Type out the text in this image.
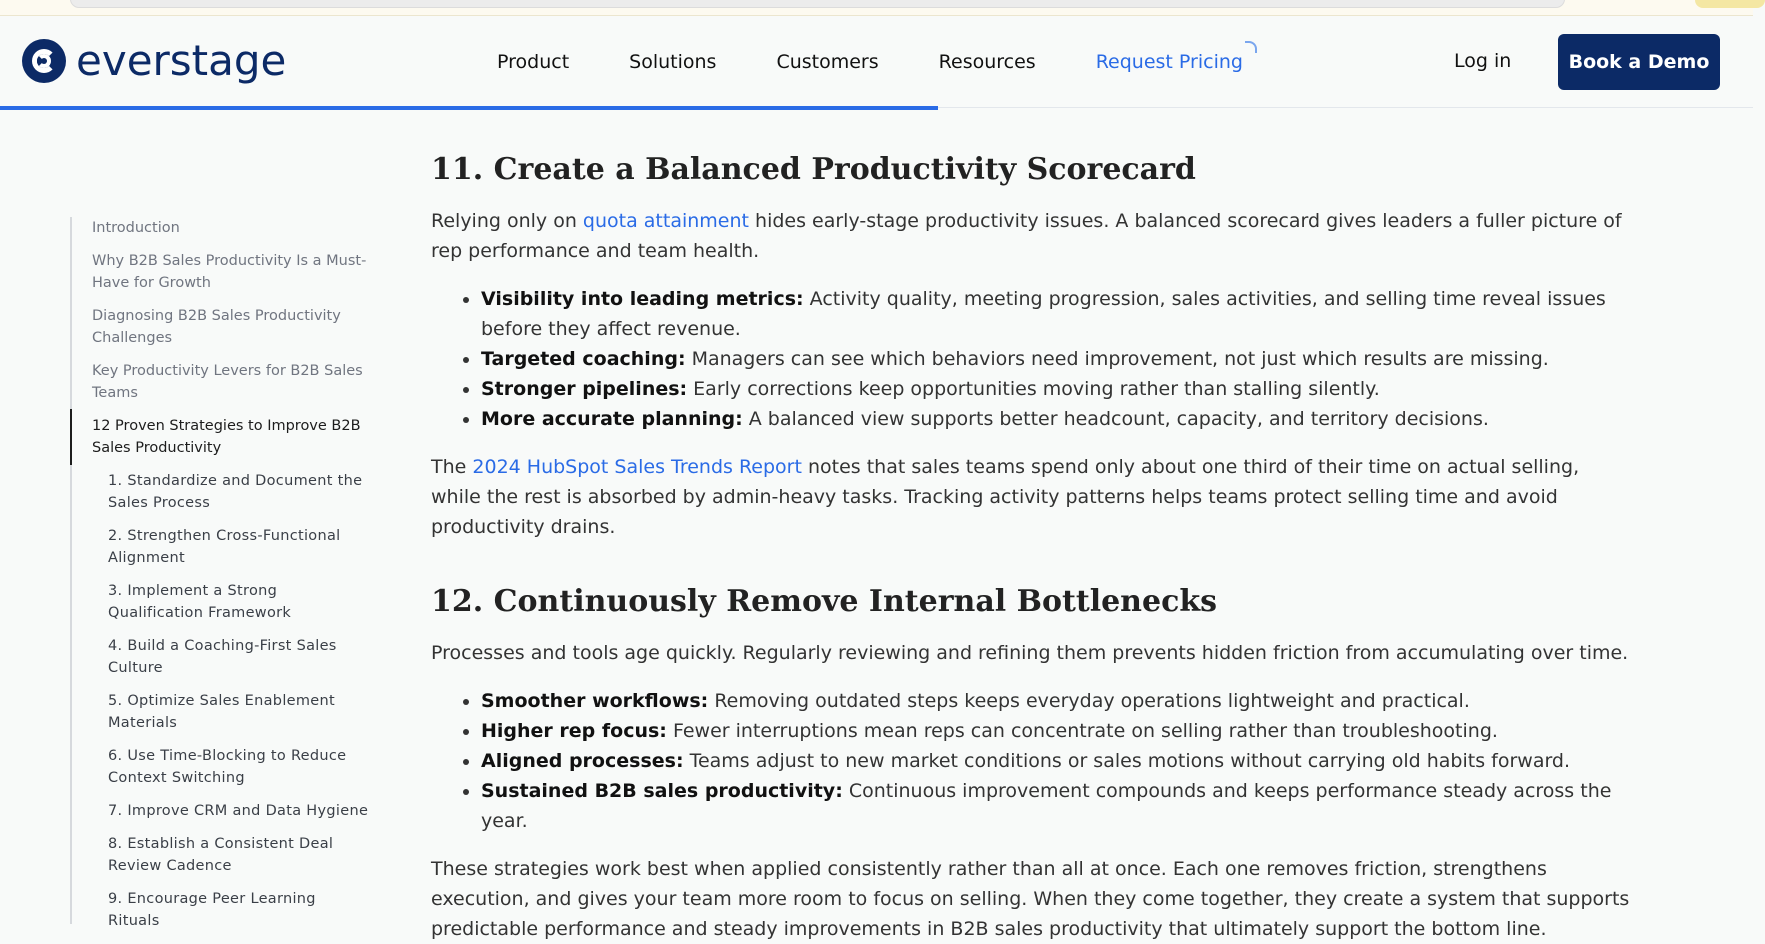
everstage	Product	Solutions	Customers	Resources	Request Pricing	Log in	Book a Demo
Introduction
Why B2B Sales Productivity Is a Must-Have for Growth
Diagnosing B2B Sales Productivity Challenges
Key Productivity Levers for B2B Sales Teams
12 Proven Strategies to Improve B2B Sales Productivity
1. Standardize and Document the Sales Process
2. Strengthen Cross-Functional Alignment
3. Implement a Strong Qualification Framework
4. Build a Coaching-First Sales Culture
5. Optimize Sales Enablement Materials
6. Use Time-Blocking to Reduce Context Switching
7. Improve CRM and Data Hygiene
8. Establish a Consistent Deal Review Cadence
9. Encourage Peer Learning Rituals
11. Create a Balanced Productivity Scorecard

Relying only on quota attainment hides early-stage productivity issues. A balanced scorecard gives leaders a fuller picture of rep performance and team health.

• Visibility into leading metrics: Activity quality, meeting progression, sales activities, and selling time reveal issues before they affect revenue.
• Targeted coaching: Managers can see which behaviors need improvement, not just which results are missing.
• Stronger pipelines: Early corrections keep opportunities moving rather than stalling silently.
• More accurate planning: A balanced view supports better headcount, capacity, and territory decisions.

The 2024 HubSpot Sales Trends Report notes that sales teams spend only about one third of their time on actual selling, while the rest is absorbed by admin-heavy tasks. Tracking activity patterns helps teams protect selling time and avoid productivity drains.

12. Continuously Remove Internal Bottlenecks

Processes and tools age quickly. Regularly reviewing and refining them prevents hidden friction from accumulating over time.

• Smoother workflows: Removing outdated steps keeps everyday operations lightweight and practical.
• Higher rep focus: Fewer interruptions mean reps can concentrate on selling rather than troubleshooting.
• Aligned processes: Teams adjust to new market conditions or sales motions without carrying old habits forward.
• Sustained B2B sales productivity: Continuous improvement compounds and keeps performance steady across the year.

These strategies work best when applied consistently rather than all at once. Each one removes friction, strengthens execution, and gives your team more room to focus on selling. When they come together, they create a system that supports predictable performance and steady improvements in B2B sales productivity that ultimately support the bottom line.
